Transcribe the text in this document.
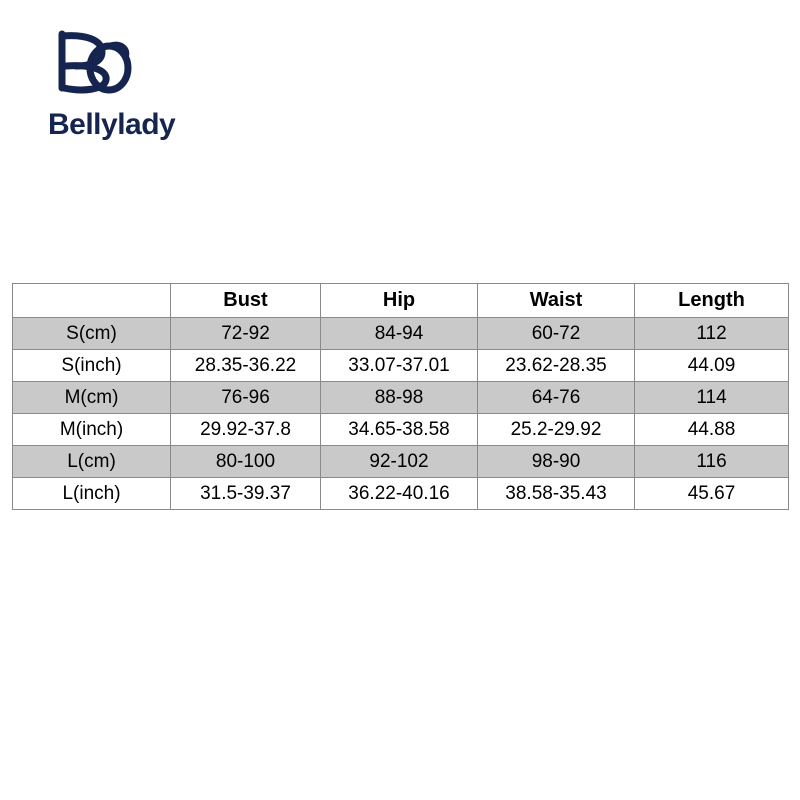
Bellylady
	Bust	Hip	Waist	Length
S(cm)	72-92	84-94	60-72	112
S(inch)	28.35-36.22	33.07-37.01	23.62-28.35	44.09
M(cm)	76-96	88-98	64-76	114
M(inch)	29.92-37.8	34.65-38.58	25.2-29.92	44.88
L(cm)	80-100	92-102	98-90	116
L(inch)	31.5-39.37	36.22-40.16	38.58-35.43	45.67
